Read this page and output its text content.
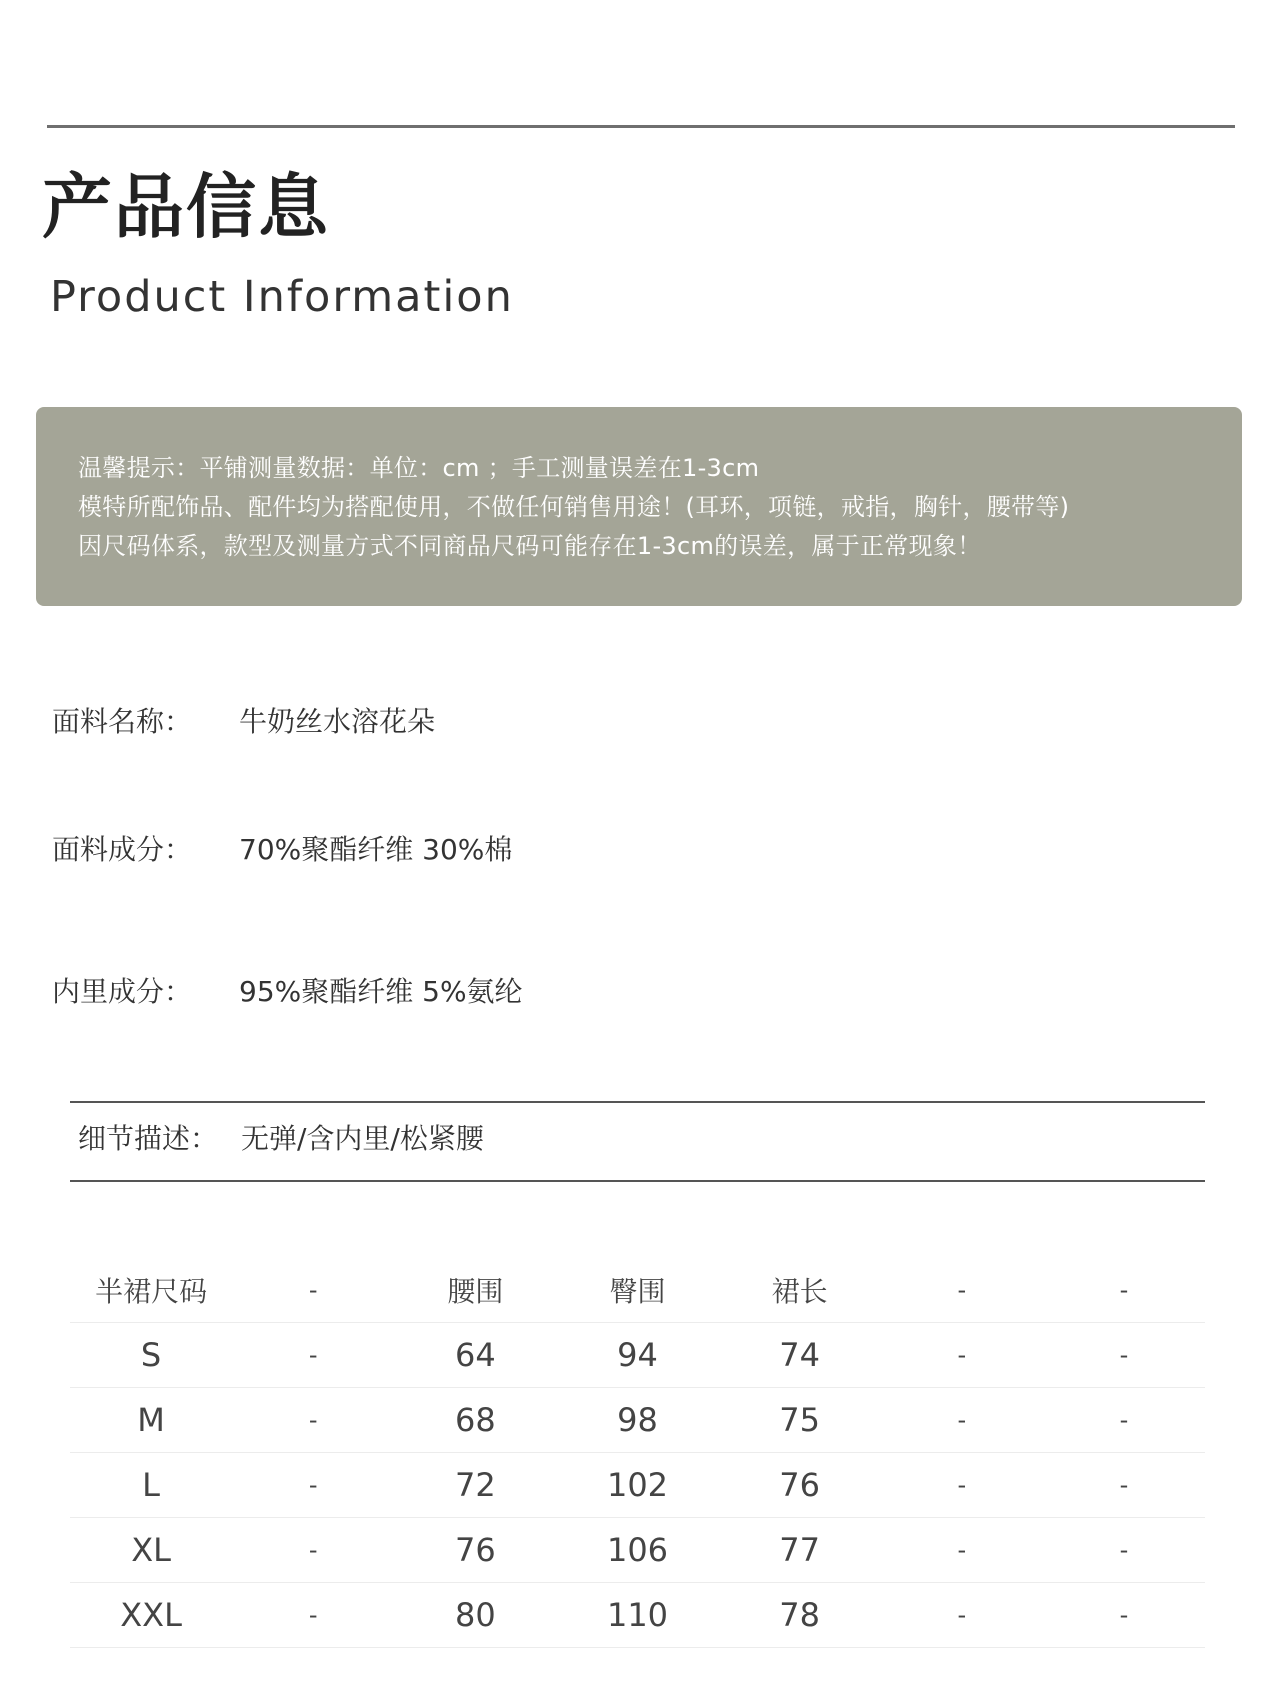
产品信息
Product Information
温馨提示：平铺测量数据：单位：cm ；手工测量误差在1-3cm
模特所配饰品、配件均为搭配使用，不做任何销售用途！(耳环，项链，戒指，胸针，腰带等)
因尺码体系，款型及测量方式不同商品尺码可能存在1-3cm的误差，属于正常现象！
面料名称： 牛奶丝水溶花朵
面料成分： 70%聚酯纤维 30%棉
内里成分： 95%聚酯纤维 5%氨纶
细节描述： 无弹/含内里/松紧腰
半裙尺码	-	腰围	臀围	裙长	-	-
S	-	64	94	74	-	-
M	-	68	98	75	-	-
L	-	72	102	76	-	-
XL	-	76	106	77	-	-
XXL	-	80	110	78	-	-
